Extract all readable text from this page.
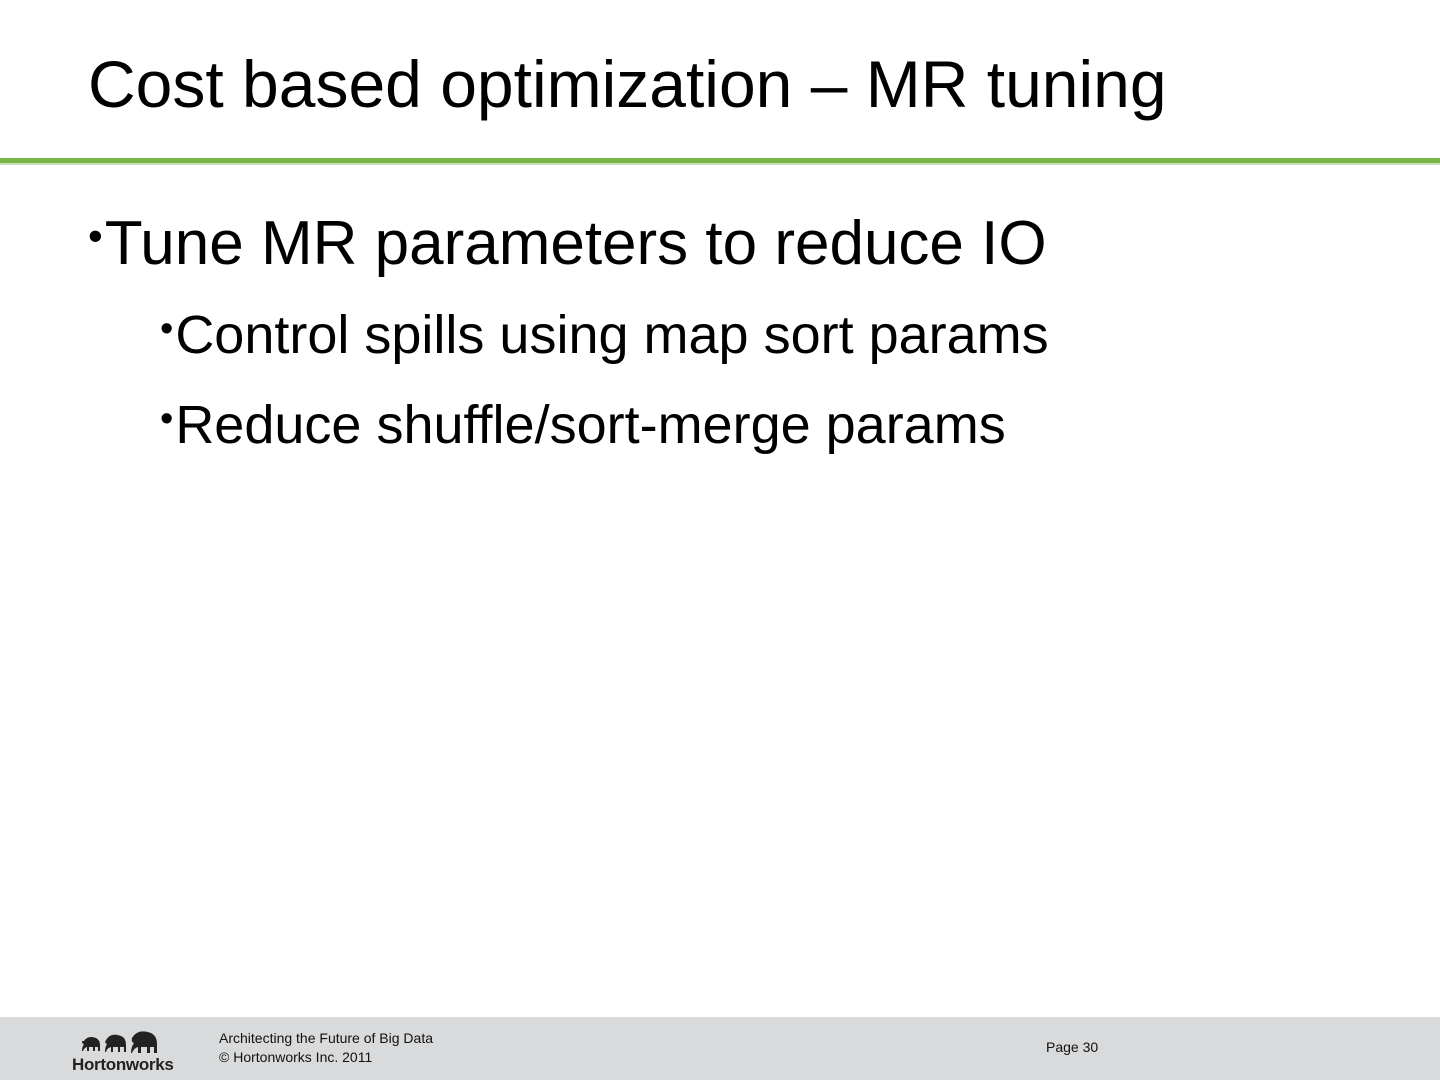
Cost based optimization – MR tuning
•Tune MR parameters to reduce IO
•Control spills using map sort params
•Reduce shuffle/sort-merge params
Hortonworks
Architecting the Future of Big Data
© Hortonworks Inc. 2011
Page 30
